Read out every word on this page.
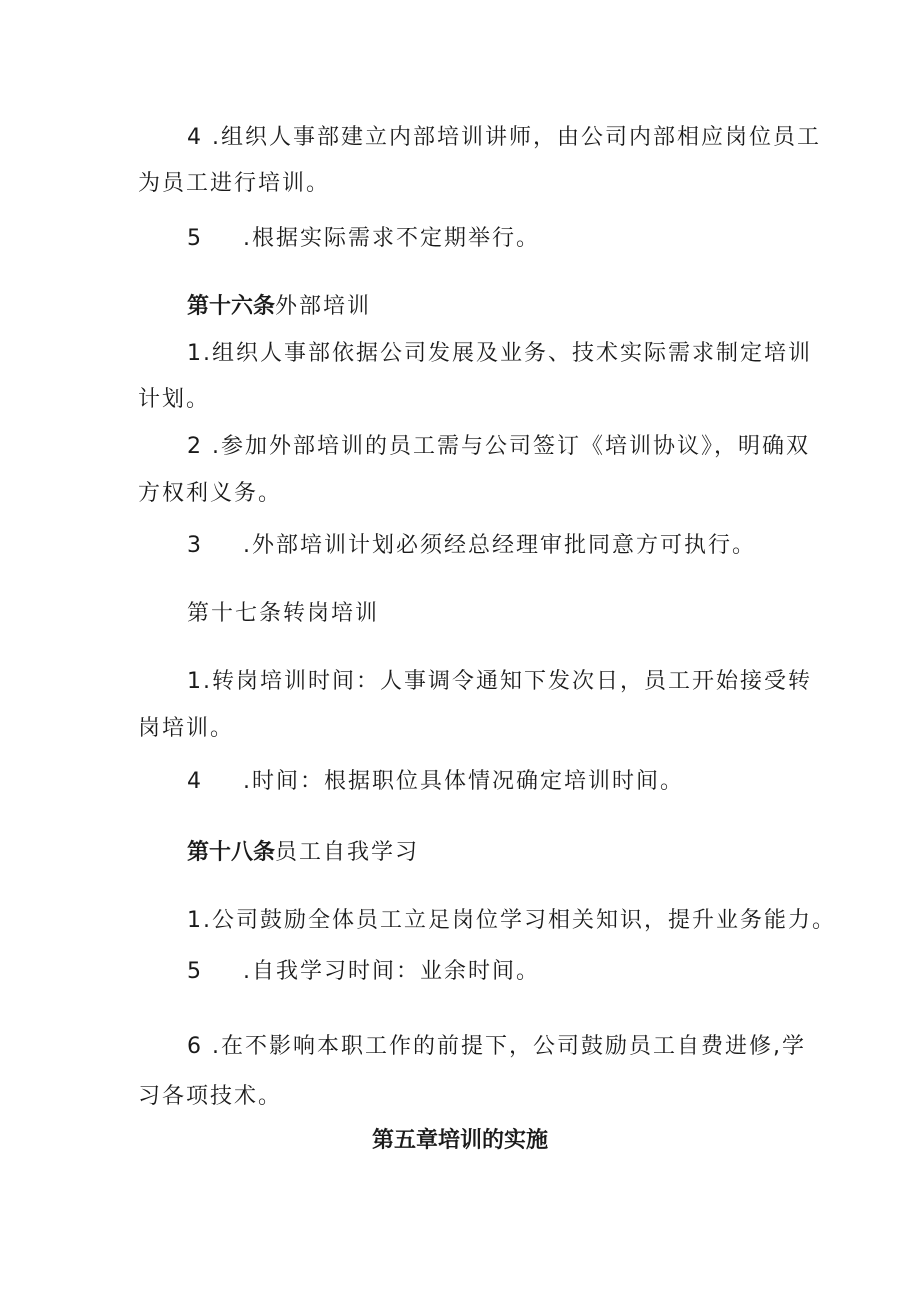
4 .组织人事部建立内部培训讲师，由公司内部相应岗位员工
为员工进行培训。
5 .根据实际需求不定期举行。
第十六条外部培训
1.组织人事部依据公司发展及业务、技术实际需求制定培训
计划。
2 .参加外部培训的员工需与公司签订《培训协议》，明确双
方权利义务。
3 .外部培训计划必须经总经理审批同意方可执行。
第十七条转岗培训
1.转岗培训时间：人事调令通知下发次日，员工开始接受转
岗培训。
4 .时间：根据职位具体情况确定培训时间。
第十八条员工自我学习
1.公司鼓励全体员工立足岗位学习相关知识，提升业务能力。
5 .自我学习时间：业余时间。
6 .在不影响本职工作的前提下，公司鼓励员工自费进修,学
习各项技术。
第五章培训的实施
